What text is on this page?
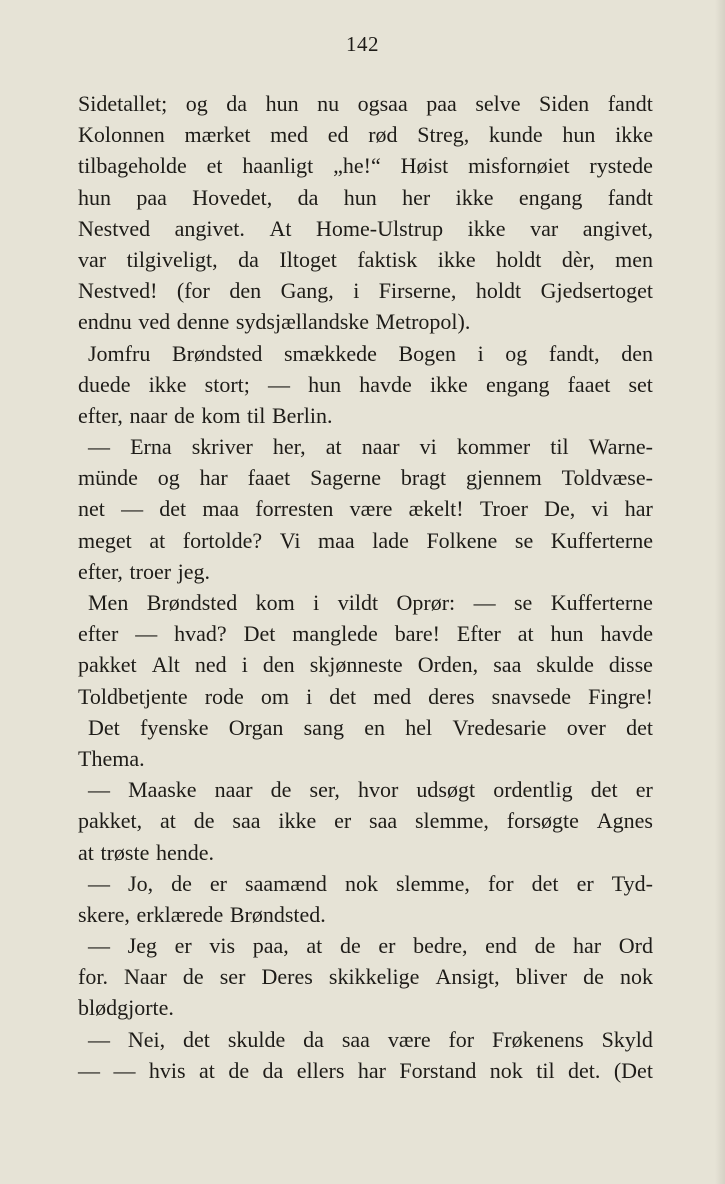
142
Sidetallet; og da hun nu ogsaa paa selve Siden fandt
Kolonnen mærket med ed rød Streg, kunde hun ikke
tilbageholde et haanligt „he!“ Høist misfornøiet rystede
hun paa Hovedet, da hun her ikke engang fandt
Nestved angivet. At Home-Ulstrup ikke var angivet,
var tilgiveligt, da Iltoget faktisk ikke holdt dèr, men
Nestved! (for den Gang, i Firserne, holdt Gjedsertoget
endnu ved denne sydsjællandske Metropol).
Jomfru Brøndsted smækkede Bogen i og fandt, den
duede ikke stort; — hun havde ikke engang faaet set
efter, naar de kom til Berlin.
— Erna skriver her, at naar vi kommer til Warne-
münde og har faaet Sagerne bragt gjennem Toldvæse-
net — det maa forresten være ækelt! Troer De, vi har
meget at fortolde? Vi maa lade Folkene se Kufferterne
efter, troer jeg.
Men Brøndsted kom i vildt Oprør: — se Kufferterne
efter — hvad? Det manglede bare! Efter at hun havde
pakket Alt ned i den skjønneste Orden, saa skulde disse
Toldbetjente rode om i det med deres snavsede Fingre!
Det fyenske Organ sang en hel Vredesarie over det
Thema.
— Maaske naar de ser, hvor udsøgt ordentlig det er
pakket, at de saa ikke er saa slemme, forsøgte Agnes
at trøste hende.
— Jo, de er saamænd nok slemme, for det er Tyd-
skere, erklærede Brøndsted.
— Jeg er vis paa, at de er bedre, end de har Ord
for. Naar de ser Deres skikkelige Ansigt, bliver de nok
blødgjorte.
— Nei, det skulde da saa være for Frøkenens Skyld
— — hvis at de da ellers har Forstand nok til det. (Det
